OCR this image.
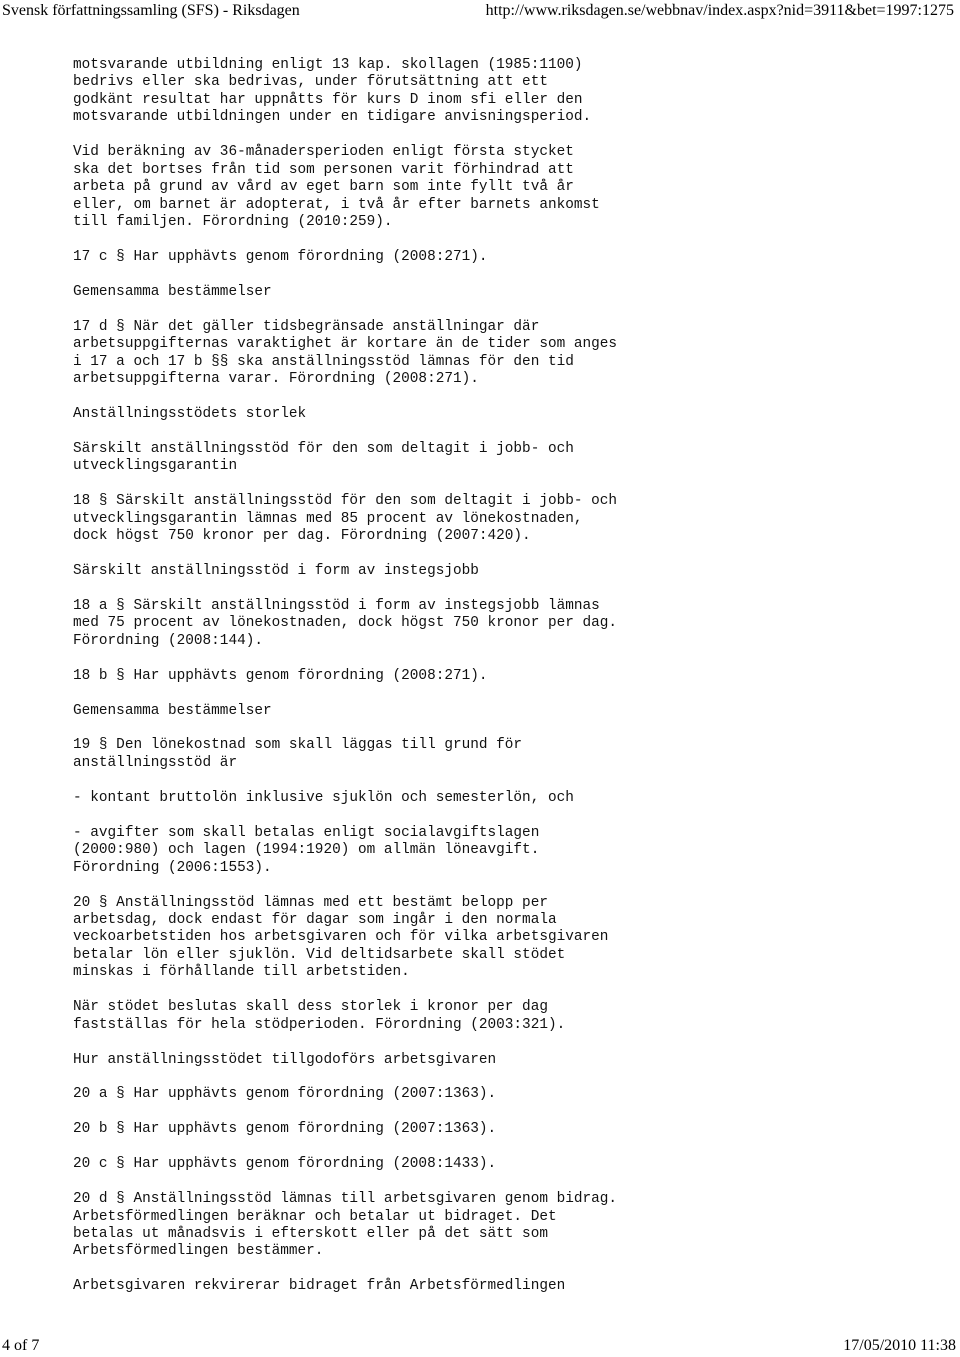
Svensk författningssamling (SFS) - Riksdagen	http://www.riksdagen.se/webbnav/index.aspx?nid=3911&bet=1997:1275

motsvarande utbildning enligt 13 kap. skollagen (1985:1100)
bedrivs eller ska bedrivas, under förutsättning att ett
godkänt resultat har uppnåtts för kurs D inom sfi eller den
motsvarande utbildningen under en tidigare anvisningsperiod.

Vid beräkning av 36-månadersperioden enligt första stycket
ska det bortses från tid som personen varit förhindrad att
arbeta på grund av vård av eget barn som inte fyllt två år
eller, om barnet är adopterat, i två år efter barnets ankomst
till familjen. Förordning (2010:259).

17 c § Har upphävts genom förordning (2008:271).

Gemensamma bestämmelser

17 d § När det gäller tidsbegränsade anställningar där
arbetsuppgifternas varaktighet är kortare än de tider som anges
i 17 a och 17 b §§ ska anställningsstöd lämnas för den tid
arbetsuppgifterna varar. Förordning (2008:271).

Anställningsstödets storlek

Särskilt anställningsstöd för den som deltagit i jobb- och
utvecklingsgarantin

18 § Särskilt anställningsstöd för den som deltagit i jobb- och
utvecklingsgarantin lämnas med 85 procent av lönekostnaden,
dock högst 750 kronor per dag. Förordning (2007:420).

Särskilt anställningsstöd i form av instegsjobb

18 a § Särskilt anställningsstöd i form av instegsjobb lämnas
med 75 procent av lönekostnaden, dock högst 750 kronor per dag.
Förordning (2008:144).

18 b § Har upphävts genom förordning (2008:271).

Gemensamma bestämmelser

19 § Den lönekostnad som skall läggas till grund för
anställningsstöd är

- kontant bruttolön inklusive sjuklön och semesterlön, och

- avgifter som skall betalas enligt socialavgiftslagen
(2000:980) och lagen (1994:1920) om allmän löneavgift.
Förordning (2006:1553).

20 § Anställningsstöd lämnas med ett bestämt belopp per
arbetsdag, dock endast för dagar som ingår i den normala
veckoarbetstiden hos arbetsgivaren och för vilka arbetsgivaren
betalar lön eller sjuklön. Vid deltidsarbete skall stödet
minskas i förhållande till arbetstiden.

När stödet beslutas skall dess storlek i kronor per dag
fastställas för hela stödperioden. Förordning (2003:321).

Hur anställningsstödet tillgodoförs arbetsgivaren

20 a § Har upphävts genom förordning (2007:1363).

20 b § Har upphävts genom förordning (2007:1363).

20 c § Har upphävts genom förordning (2008:1433).

20 d § Anställningsstöd lämnas till arbetsgivaren genom bidrag.
Arbetsförmedlingen beräknar och betalar ut bidraget. Det
betalas ut månadsvis i efterskott eller på det sätt som
Arbetsförmedlingen bestämmer.

Arbetsgivaren rekvirerar bidraget från Arbetsförmedlingen

4 of 7	17/05/2010 11:38
